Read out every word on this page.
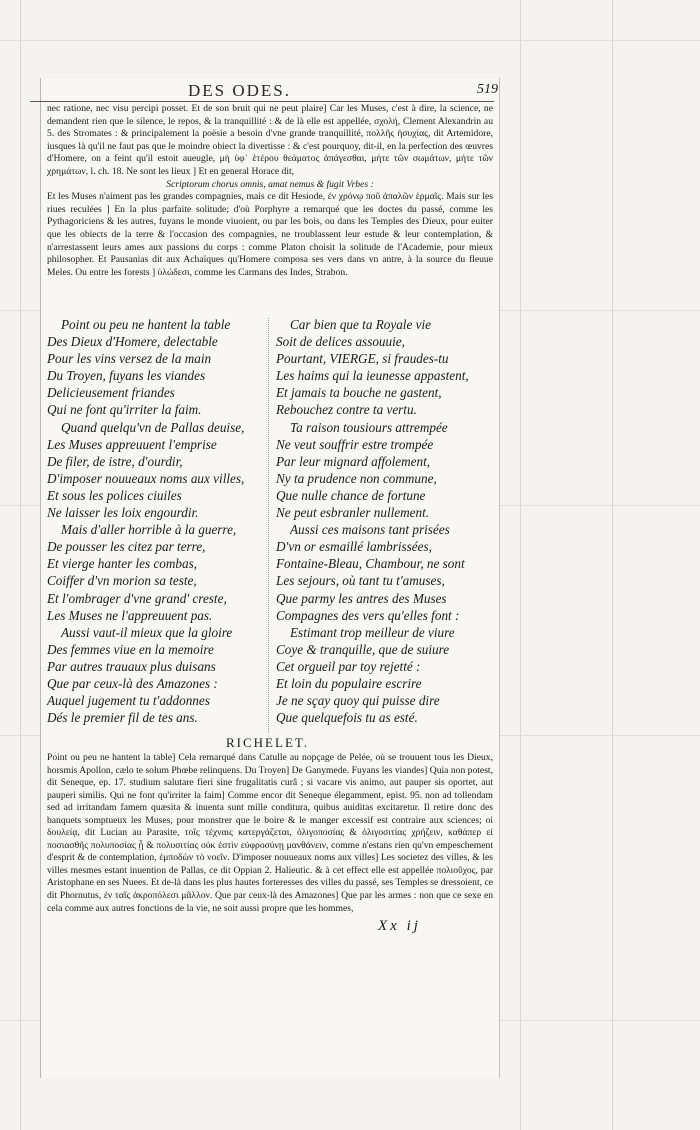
DES ODES.	519

nec ratione, nec visu percipi posset. Et de son bruit qui ne peut plaire] Car les Muses, c'est à dire, la science, ne demandent rien que le silence, le repos, & la tranquillité : & de là elle est appellée, σχολή, Clement Alexandrin au 5. des Stromates : & principalement la poësie a besoin d'vne grande tranquillité, πολλῆς ἡσυχίας, dit Artemidore, iusques là qu'il ne faut pas que le moindre obiect la divertisse : & c'est pourquoy, dit-il, en la perfection des œuvres d'Homere, on a feint qu'il estoit aueugle, μὴ ὑφ᾽ ἑτέρου θεάματος ἀπάγεσθαι, μήτε τῶν σωμάτων, μήτε τῶν χρημάτων, l. ch. 18. Ne sont les lieux ] Et en general Horace dit,

Scriptorum chorus omnis, amat nemus & fugit Vrbes :

Et les Muses n'aiment pas les grandes compagnies, mais ce dit Hesiode, ἐν χρόνῳ ποῦ ἀπαλῶν ἑρμαῖς. Mais sur les riues reculées ] En la plus parfaite solitude; d'où Porphyre a remarqué que les doctes du passé, comme les Pythagoriciens & les autres, fuyans le monde viuoient, ou par les bois, ou dans les Temples des Dieux, pour euiter que les obiects de la terre & l'occasion des compagnies, ne troublassent leur estude & leur contemplation, & n'arrestassent leurs ames aux passions du corps : comme Platon choisit la solitude de l'Academie, pour mieux philosopher. Et Pausanias dit aux Achaïques qu'Homere composa ses vers dans vn antre, à la source du fleuue Meles. Ou entre les forests ] ὑλώδεσι, comme les Carmans des Indes, Strabon.

Point ou peu ne hantent la table
Des Dieux d'Homere, delectable
Pour les vins versez de la main
Du Troyen, fuyans les viandes
Delicieusement friandes
Qui ne font qu'irriter la faim.
Quand quelqu'vn de Pallas deuise,
Les Muses appreuuent l'emprise
De filer, de istre, d'ourdir,
D'imposer nouueaux noms aux villes,
Et sous les polices ciuiles
Ne laisser les loix engourdir.
Mais d'aller horrible à la guerre,
De pousser les citez par terre,
Et vierge hanter les combas,
Coiffer d'vn morion sa teste,
Et l'ombrager d'vne grand' creste,
Les Muses ne l'appreuuent pas.
Aussi vaut-il mieux que la gloire
Des femmes viue en la memoire
Par autres trauaux plus duisans
Que par ceux-là des Amazones :
Auquel jugement tu t'addonnes
Dés le premier fil de tes ans.
Car bien que ta Royale vie
Soit de delices assouuie,
Pourtant, VIERGE, si fraudes-tu
Les haims qui la ieunesse appastent,
Et jamais ta bouche ne gastent,
Rebouchez contre ta vertu.
Ta raison tousiours attrempée
Ne veut souffrir estre trompée
Par leur mignard affolement,
Ny ta prudence non commune,
Que nulle chance de fortune
Ne peut esbranler nullement.
Aussi ces maisons tant prisées
D'vn or esmaillé lambrissées,
Fontaine-Bleau, Chambour, ne sont
Les sejours, où tant tu t'amuses,
Que parmy les antres des Muses
Compagnes des vers qu'elles font :
Estimant trop meilleur de viure
Coye & tranquille, que de suiure
Cet orgueil par toy rejetté :
Et loin du populaire escrire
Je ne sçay quoy qui puisse dire
Que quelquefois tu as esté.
RICHELET.

Point ou peu ne hantent la table] Cela remarqué dans Catulle au nopçage de Pelée, où se trouuent tous les Dieux, horsmis Apollon, cælo te solum Phœbe relinquens. Du Troyen] De Ganymede. Fuyans les viandes] Quia non potest, dit Seneque, ep. 17. studium salutare fieri sine frugalitatis curâ ; si vacare vis animo, aut pauper sis oportet, aut pauperi similis. Qui ne font qu'irriter la faim] Comme encor dit Seneque élegamment, epist. 95. non ad tollendam sed ad irritandam famem quæsita & inuenta sunt mille conditura, quibus auiditas excitaretur. Il retire donc des banquets somptueux les Muses, pour monstrer que le boire & le manger excessif est contraire aux sciences; οἱ δουλείᾳ, dit Lucian au Parasite, τοῖς τέχναις κατεργάζεται, ὀλιγοποσίας & ὀλιγοσιτίας χρήζειν, καθάπερ εἰ ποσιασθῆς πολυποσίας ᾗ & πολυσιτίας οὐκ ἐστὶν εὐφροσύνῃ μανθάνειν, comme n'estans rien qu'vn empeschement d'esprit & de contemplation, ἐμποδὼν τὸ νοεῖν. D'imposer nouueaux noms aux villes] Les societez des villes, & les villes mesmes estant inuention de Pallas, ce dit Oppian 2. Halieutic. & à cet effect elle est appellée πολιοῦχος, par Aristophane en ses Nuees. Et de-là dans les plus hautes forteresses des villes du passé, ses Temples se dressoient, ce dit Phornutus, ἐν ταῖς ἀκροπόλεσι μᾶλλον. Que par ceux-là des Amazones] Que par les armes : non que ce sexe en cela comme aux autres fonctions de la vie, ne soit aussi propre que les hommes,

Xx ij
